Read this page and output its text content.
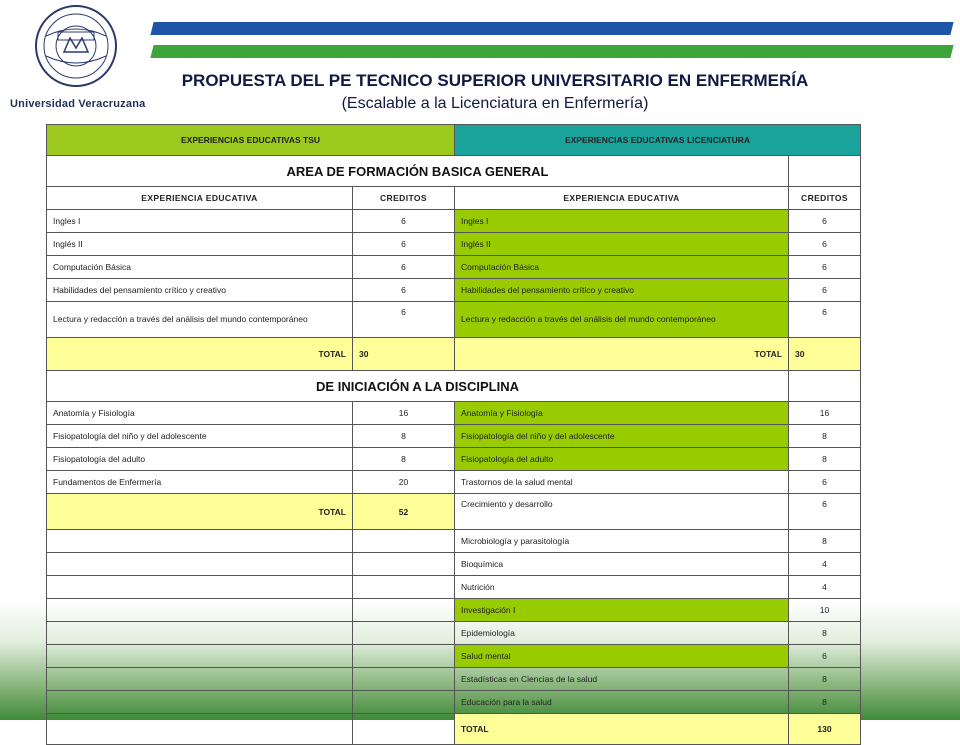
Universidad Veracruzana
PROPUESTA DEL PE TECNICO SUPERIOR UNIVERSITARIO EN ENFERMERÍA
(Escalable a la Licenciatura en Enfermería)
EXPERIENCIAS EDUCATIVAS TSU		EXPERIENCIAS EDUCATIVAS LICENCIATURA	
AREA DE FORMACIÓN BASICA GENERAL			
EXPERIENCIA EDUCATIVA	CREDITOS	EXPERIENCIA EDUCATIVA	CREDITOS
Ingles I	6	Ingles I	6
Inglés II	6	Inglés II	6
Computación Básica	6	Computación Básica	6
Habilidades del pensamiento crítico y creativo	6	Habilidades del pensamiento crítico y creativo	6
Lectura y redacción a través del análisis del mundo contemporáneo	6	Lectura y redacción a través del análisis del mundo contemporáneo	6
TOTAL	30	TOTAL	30
DE INICIACIÓN A LA DISCIPLINA			
Anatomía y Fisiología	16	Anatomía y Fisiología	16
Fisiopatología del niño y del adolescente	8	Fisiopatología del niño y del adolescente	8
Fisiopatología del adulto	8	Fisiopatología del adulto	8
Fundamentos de Enfermería	20	Trastornos de la salud mental	6
TOTAL	52	Crecimiento y desarrollo	6
		Microbiología y parasitología	8
		Bioquímica	4
		Nutrición	4
		Investigación I	10
		Epidemiología	8
		Salud mental	6
		Estadísticas en Ciencias de la salud	8
		Educación para la salud	8
		TOTAL	130
